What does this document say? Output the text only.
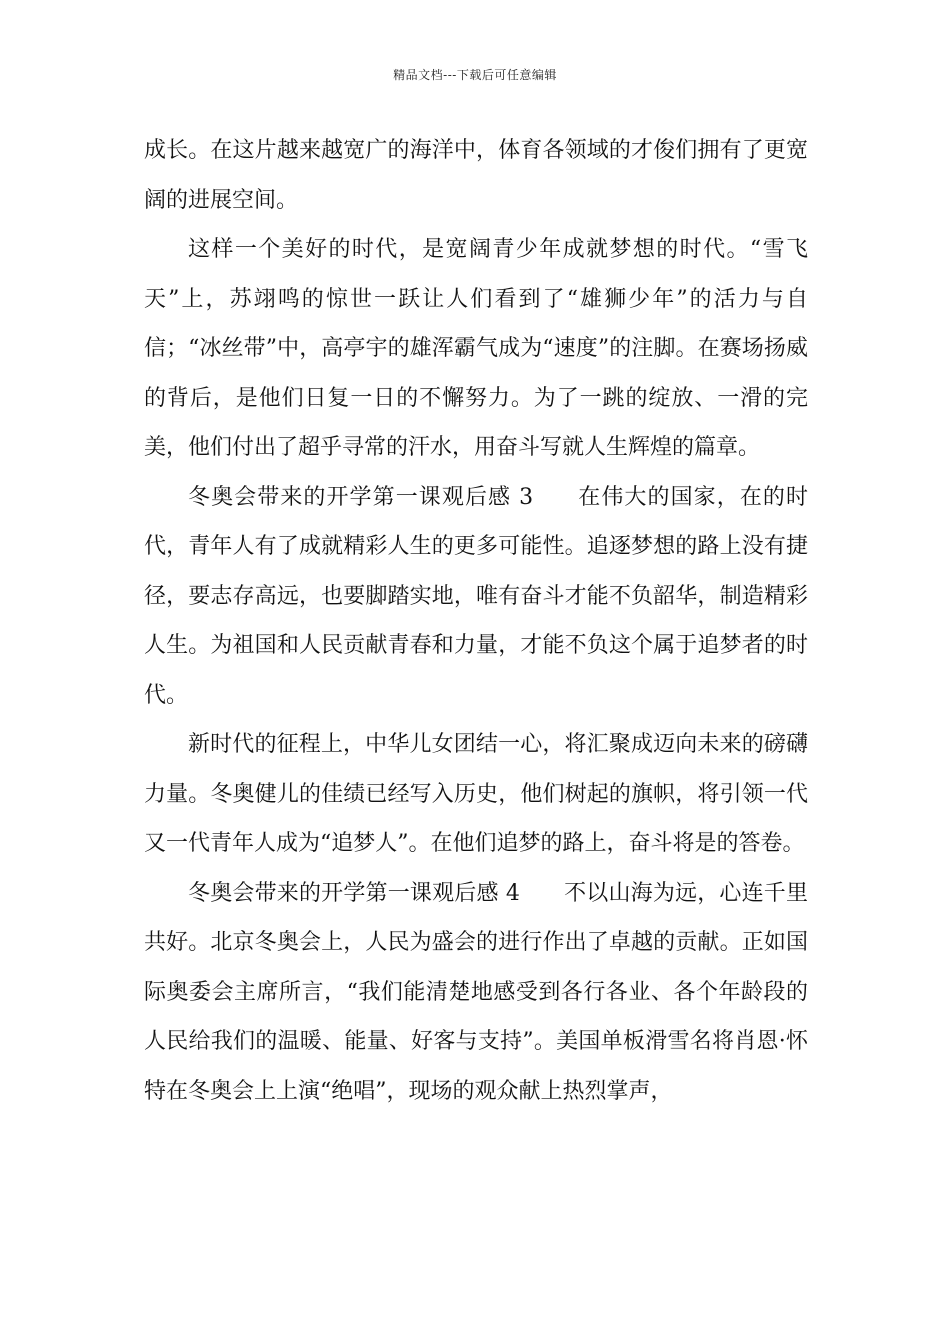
精品文档---下载后可任意编辑

成长。在这片越来越宽广的海洋中，体育各领域的才俊们拥有了更宽阔的进展空间。

这样一个美好的时代，是宽阔青少年成就梦想的时代。“雪飞天”上，苏翊鸣的惊世一跃让人们看到了“雄狮少年”的活力与自信；“冰丝带”中，高亭宇的雄浑霸气成为“速度”的注脚。在赛场扬威的背后，是他们日复一日的不懈努力。为了一跳的绽放、一滑的完美，他们付出了超乎寻常的汗水，用奋斗写就人生辉煌的篇章。

冬奥会带来的开学第一课观后感 3 在伟大的国家，在的时代，青年人有了成就精彩人生的更多可能性。追逐梦想的路上没有捷径，要志存高远，也要脚踏实地，唯有奋斗才能不负韶华，制造精彩人生。为祖国和人民贡献青春和力量，才能不负这个属于追梦者的时代。

新时代的征程上，中华儿女团结一心，将汇聚成迈向未来的磅礴力量。冬奥健儿的佳绩已经写入历史，他们树起的旗帜，将引领一代又一代青年人成为“追梦人”。在他们追梦的路上，奋斗将是的答卷。

冬奥会带来的开学第一课观后感 4 不以山海为远，心连千里共好。北京冬奥会上，人民为盛会的进行作出了卓越的贡献。正如国际奥委会主席所言，“我们能清楚地感受到各行各业、各个年龄段的人民给我们的温暖、能量、好客与支持”。美国单板滑雪名将肖恩·怀特在冬奥会上上演“绝唱”，现场的观众献上热烈掌声，
